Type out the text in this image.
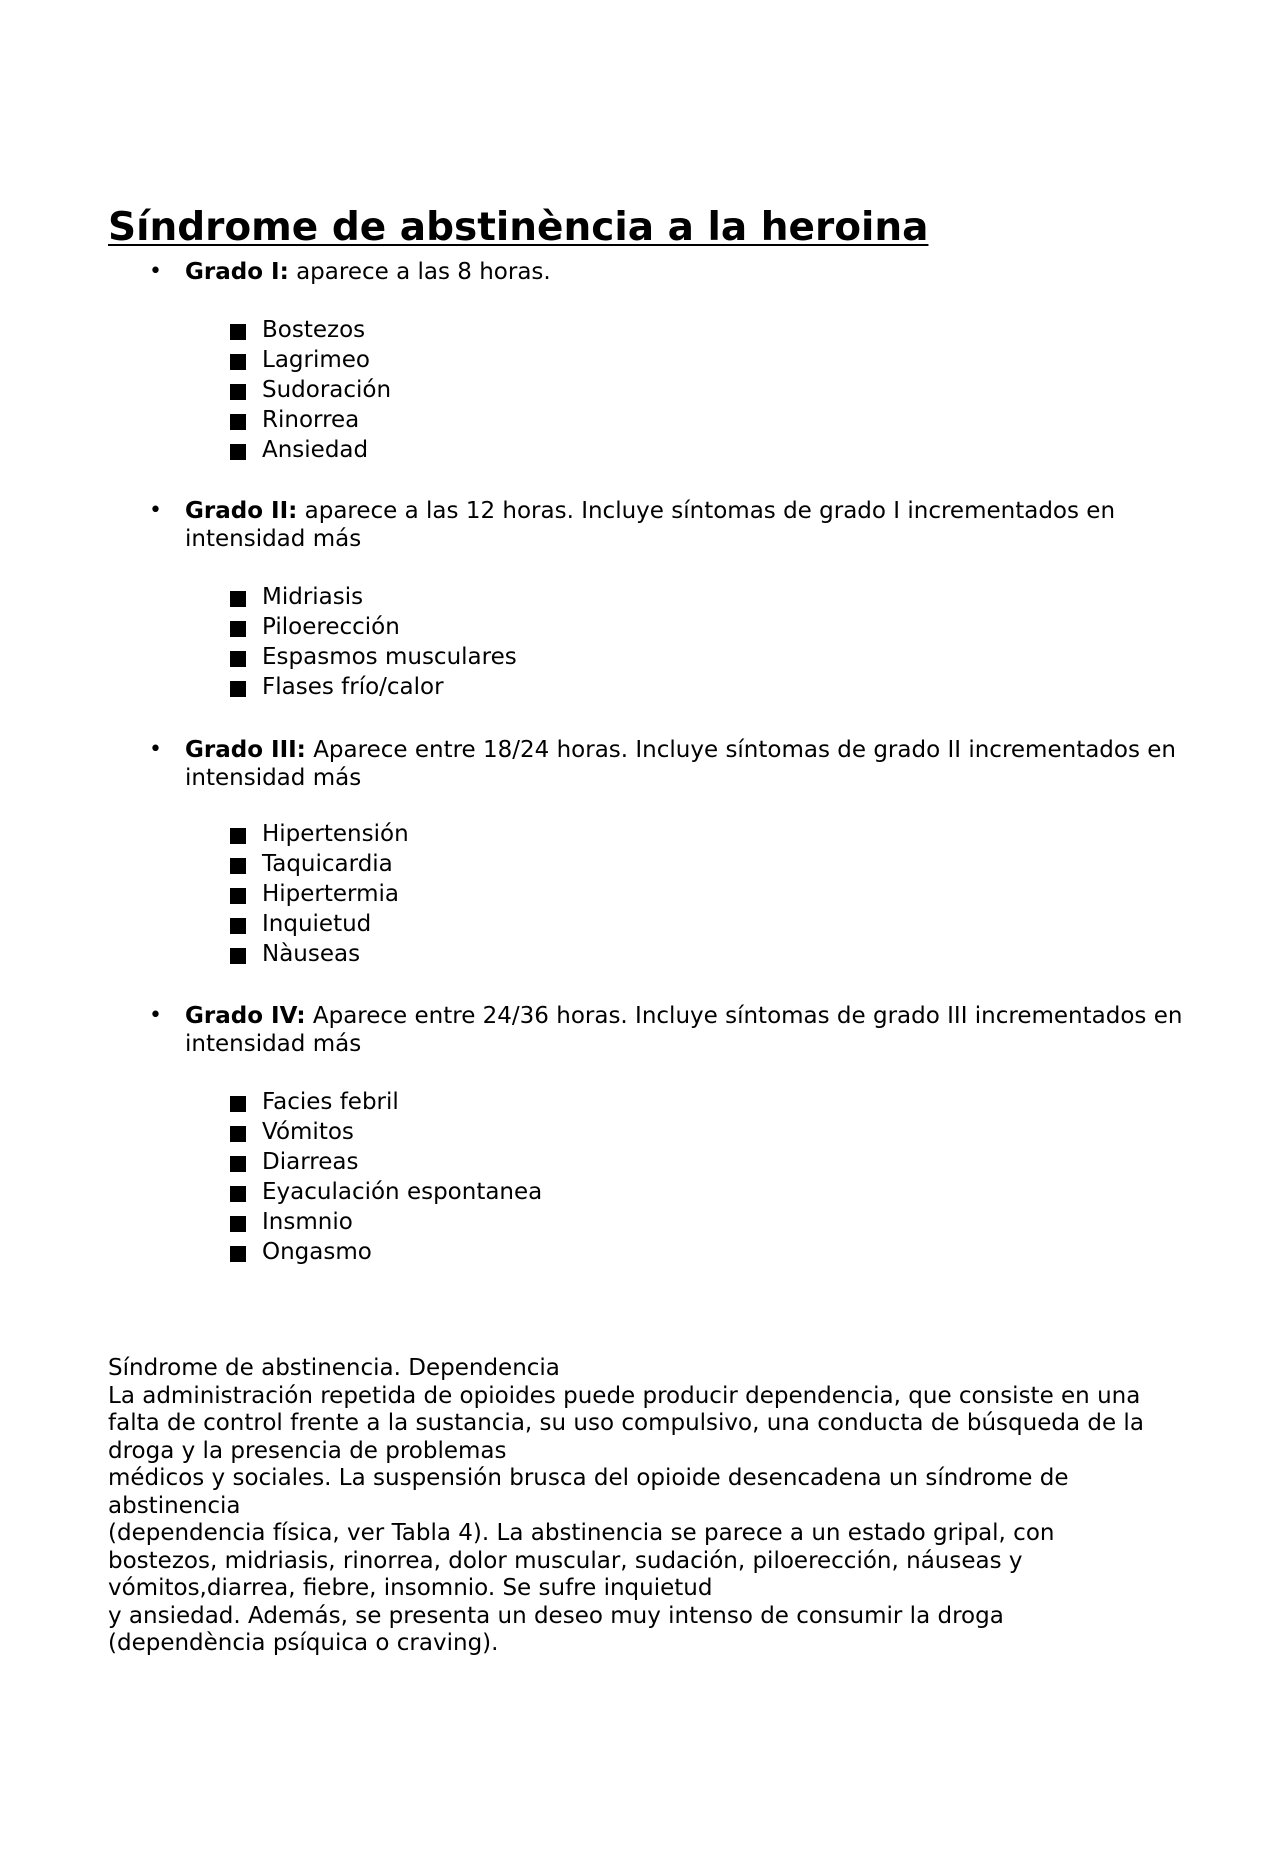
Síndrome de abstinència a la heroina
• Grado I: aparece a las 8 horas.
Bostezos
Lagrimeo
Sudoración
Rinorrea
Ansiedad
• Grado II: aparece a las 12 horas. Incluye síntomas de grado I incrementados en intensidad más
Midriasis
Piloerección
Espasmos musculares
Flases frío/calor
• Grado III: Aparece entre 18/24 horas. Incluye síntomas de grado II incrementados en intensidad más
Hipertensión
Taquicardia
Hipertermia
Inquietud
Nàuseas
• Grado IV: Aparece entre 24/36 horas. Incluye síntomas de grado III incrementados en intensidad más
Facies febril
Vómitos
Diarreas
Eyaculación espontanea
Insmnio
Ongasmo
Síndrome de abstinencia. Dependencia
La administración repetida de opioides puede producir dependencia, que consiste en una
falta de control frente a la sustancia, su uso compulsivo, una conducta de búsqueda de la
droga y la presencia de problemas
médicos y sociales. La suspensión brusca del opioide desencadena un síndrome de
abstinencia
(dependencia física, ver Tabla 4). La abstinencia se parece a un estado gripal, con
bostezos, midriasis, rinorrea, dolor muscular, sudación, piloerección, náuseas y
vómitos,diarrea, fiebre, insomnio. Se sufre inquietud
y ansiedad. Además, se presenta un deseo muy intenso de consumir la droga
(dependència psíquica o craving).
